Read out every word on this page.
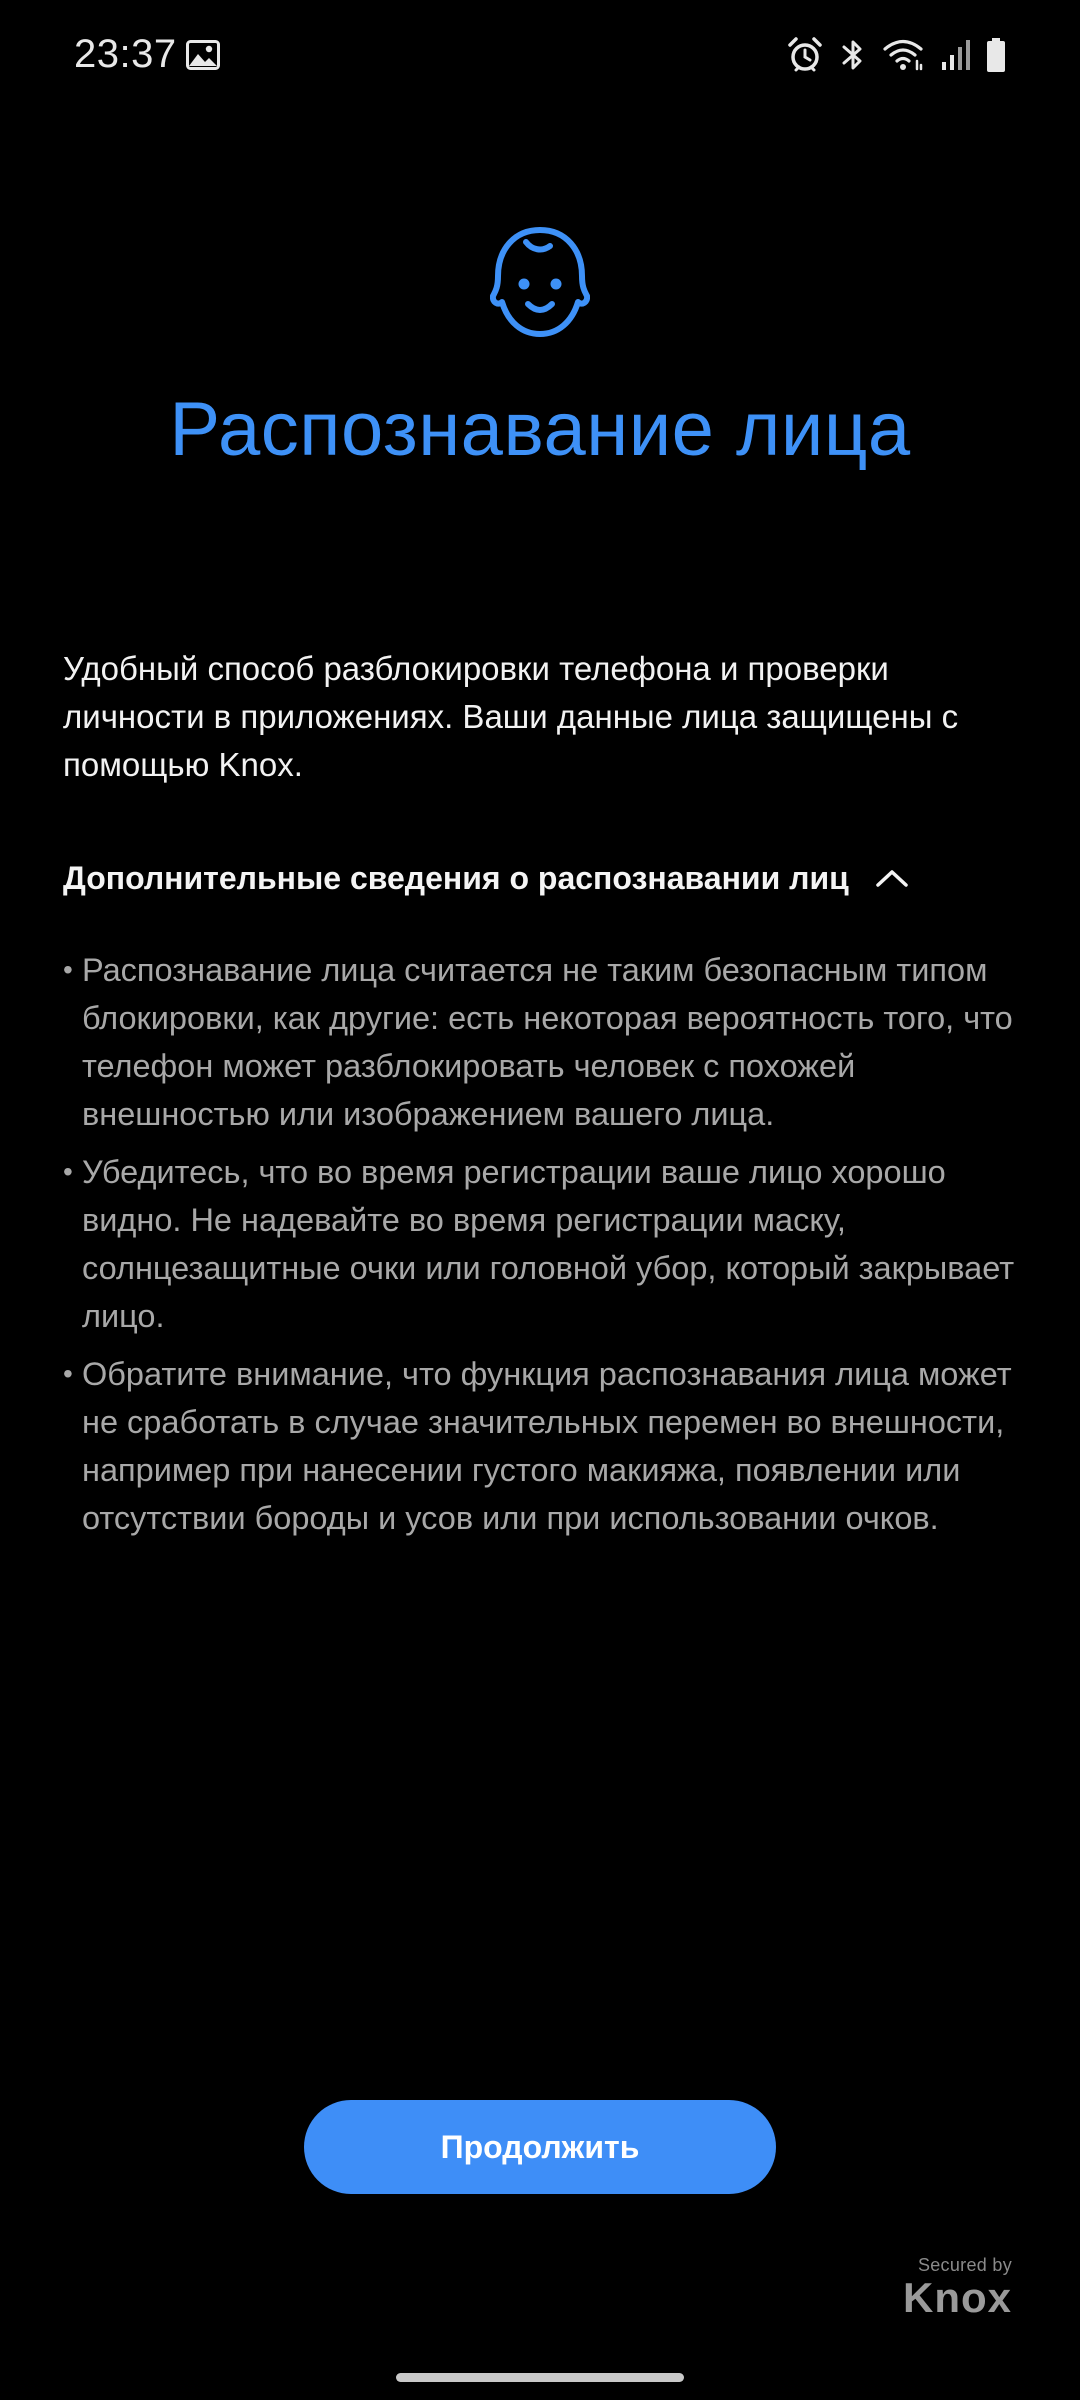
23:37
Распознавание лица

Удобный способ разблокировки телефона и проверки личности в приложениях. Ваши данные лица защищены с помощью Knox.

Дополнительные сведения о распознавании лиц
• Распознавание лица считается не таким безопасным типом блокировки, как другие: есть некоторая вероятность того, что телефон может разблокировать человек с похожей внешностью или изображением вашего лица.
• Убедитесь, что во время регистрации ваше лицо хорошо видно. Не надевайте во время регистрации маску, солнцезащитные очки или головной убор, который закрывает лицо.
• Обратите внимание, что функция распознавания лица может не сработать в случае значительных перемен во внешности, например при нанесении густого макияжа, появлении или отсутствии бороды и усов или при использовании очков.
Продолжить
Secured by
Knox
